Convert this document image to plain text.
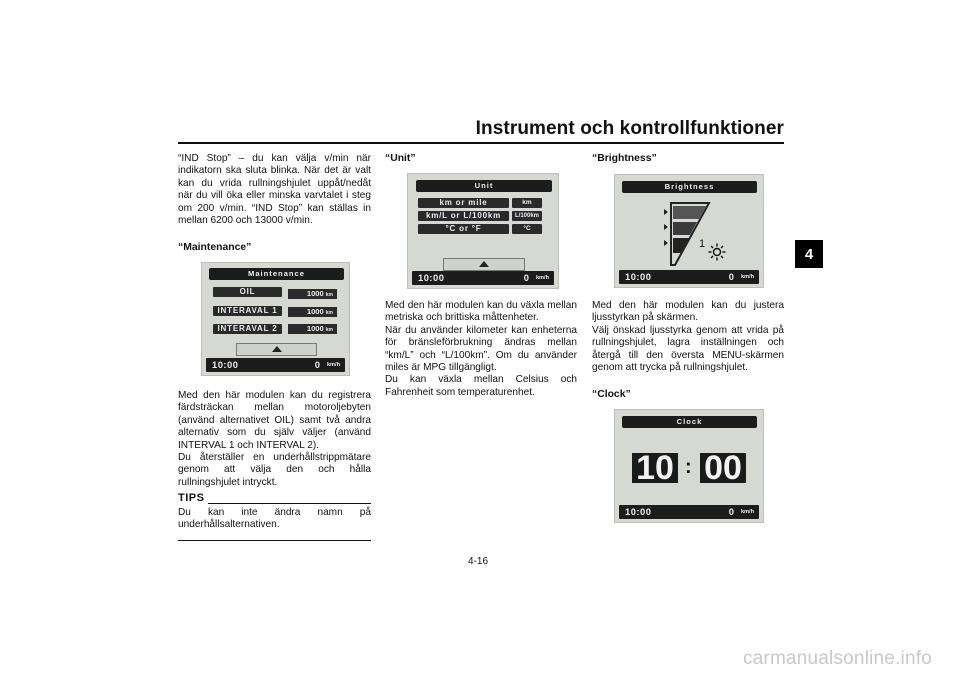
Instrument och kontrollfunktioner
4

“IND Stop” – du kan välja v/min när indikatorn ska sluta blinka. När det är valt kan du vrida rullningshjulet uppåt/nedåt när du vill öka eller minska varvtalet i steg om 200 v/min. “IND Stop” kan ställas in mellan 6200 och 13000 v/min.

“Maintenance”
Maintenance
OIL	1000 km
INTERAVAL 1	1000 km
INTERAVAL 2	1000 km
10:00	0 km/h
Med den här modulen kan du registrera färdsträckan mellan motoroljebyten (använd alternativet OIL) samt två andra alternativ som du själv väljer (använd INTERVAL 1 och INTERVAL 2).
Du återställer en underhållstrippmätare genom att välja den och hålla rullningshjulet intryckt.
TIPS
Du kan inte ändra namn på underhållsalternativen.
“Unit”
Unit
km or mile	km
km/L or L/100km	L/100km
°C or °F	°C
10:00	0 km/h
Med den här modulen kan du växla mellan metriska och brittiska måttenheter.
När du använder kilometer kan enheterna för bränsleförbrukning ändras mellan “km/L” och “L/100km”. Om du använder miles är MPG tillgängligt.
Du kan växla mellan Celsius och Fahrenheit som temperaturenhet.
“Brightness”
Brightness
1
10:00	0 km/h
Med den här modulen kan du justera ljusstyrkan på skärmen.
Välj önskad ljusstyrka genom att vrida på rullningshjulet, lagra inställningen och återgå till den översta MENU-skärmen genom att trycka på rullningshjulet.
“Clock”
Clock
10 : 00
10:00	0 km/h
4-16
carmanualsonline.info
